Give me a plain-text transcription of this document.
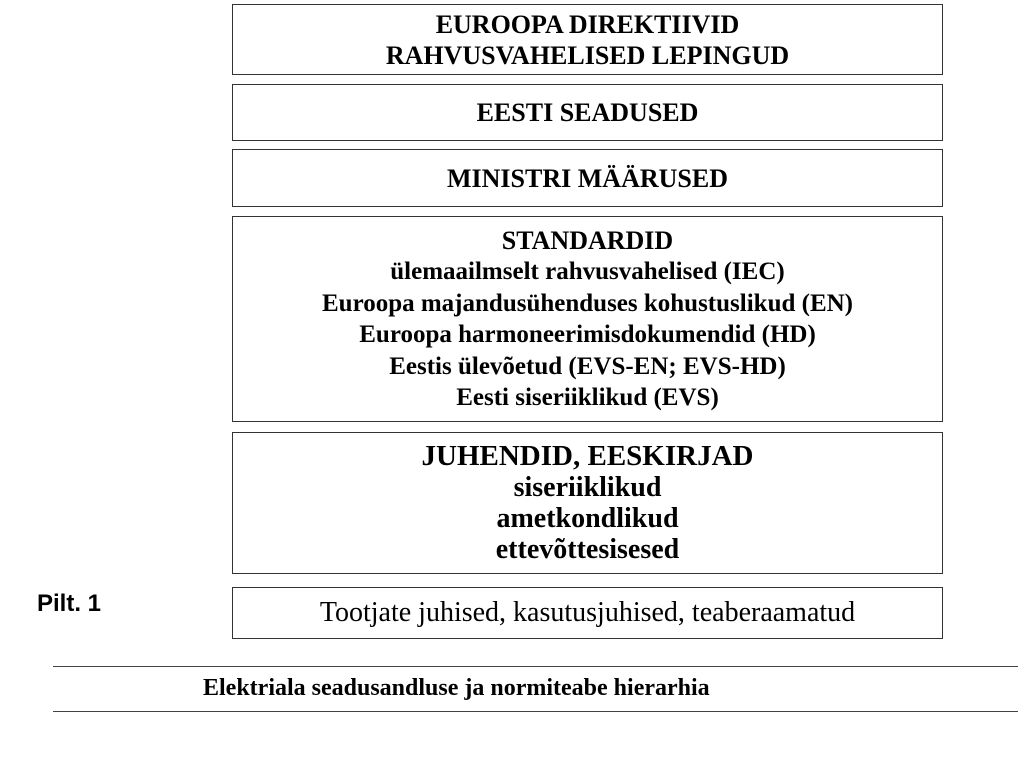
EUROOPA DIREKTIIVID
RAHVUSVAHELISED LEPINGUD
EESTI SEADUSED
MINISTRI MÄÄRUSED
STANDARDID
ülemaailmselt rahvusvahelised (IEC)
Euroopa majandusühenduses kohustuslikud (EN)
Euroopa harmoneerimisdokumendid (HD)
Eestis ülevõetud (EVS-EN; EVS-HD)
Eesti siseriiklikud (EVS)
JUHENDID, EESKIRJAD
siseriiklikud
ametkondlikud
ettevõttesisesed
Tootjate juhised, kasutusjuhised, teaberaamatud
Pilt. 1
Elektriala seadusandluse ja normiteabe hierarhia
